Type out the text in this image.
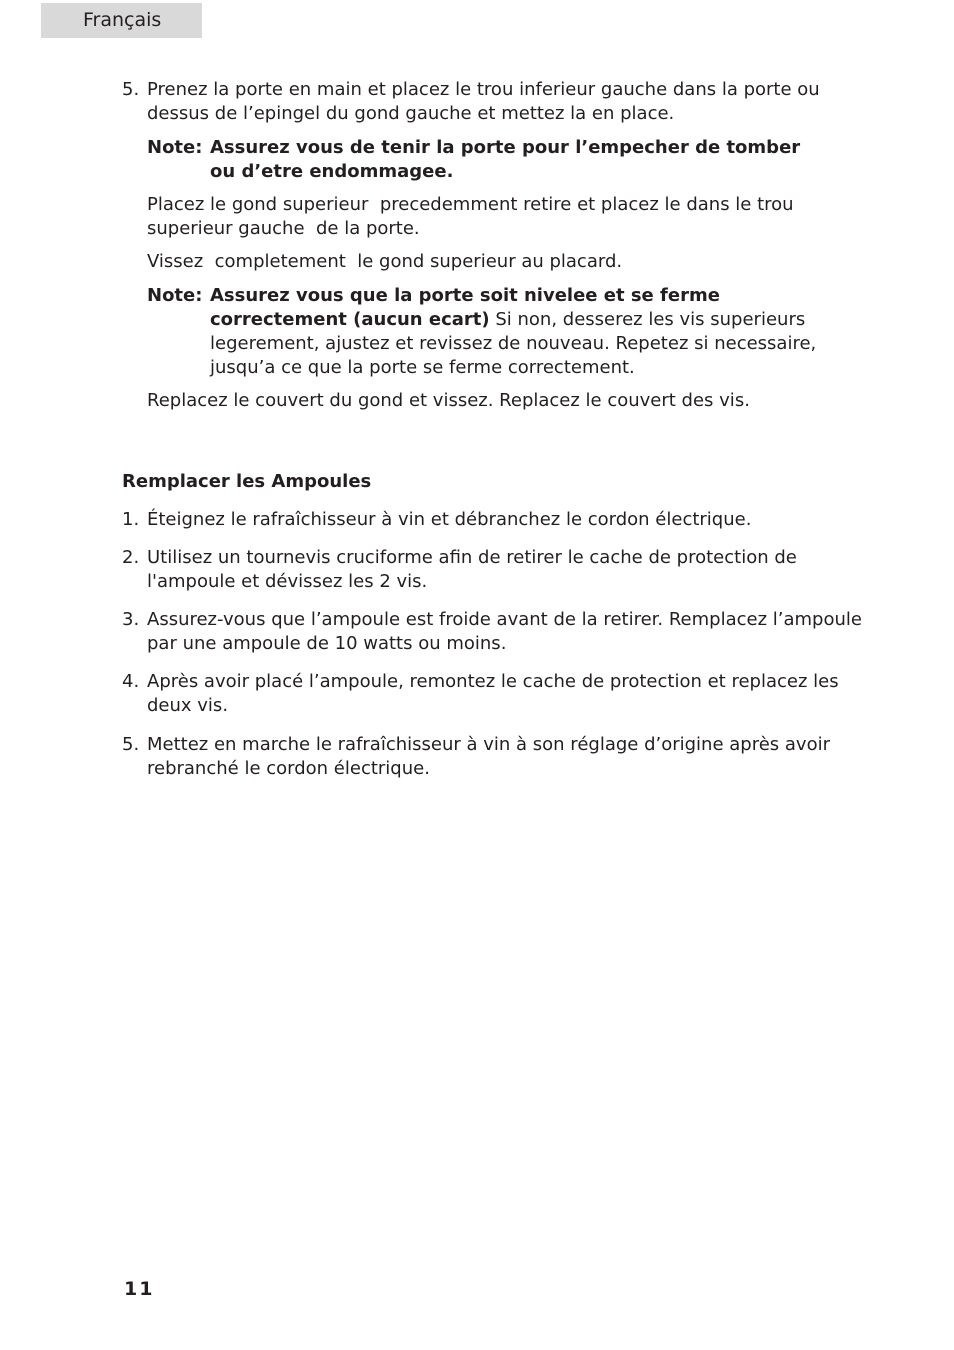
Français
5. Prenez la porte en main et placez le trou inferieur gauche dans la porte ou
dessus de l’epingel du gond gauche et mettez la en place.
Note: Assurez vous de tenir la porte pour l’empecher de tomber
ou d’etre endommagee.
Placez le gond superieur  precedemment retire et placez le dans le trou
superieur gauche  de la porte.
Vissez  completement  le gond superieur au placard.
Note: Assurez vous que la porte soit nivelee et se ferme
correctement (aucun ecart) Si non, desserez les vis superieurs
legerement, ajustez et revissez de nouveau. Repetez si necessaire,
jusqu’a ce que la porte se ferme correctement.
Replacez le couvert du gond et vissez. Replacez le couvert des vis.
Remplacer les Ampoules
1. Éteignez le rafraîchisseur à vin et débranchez le cordon électrique.
2. Utilisez un tournevis cruciforme afin de retirer le cache de protection de
l'ampoule et dévissez les 2 vis.
3. Assurez-vous que l’ampoule est froide avant de la retirer. Remplacez l’ampoule
par une ampoule de 10 watts ou moins.
4. Après avoir placé l’ampoule, remontez le cache de protection et replacez les
deux vis.
5. Mettez en marche le rafraîchisseur à vin à son réglage d’origine après avoir
rebranché le cordon électrique.
11
